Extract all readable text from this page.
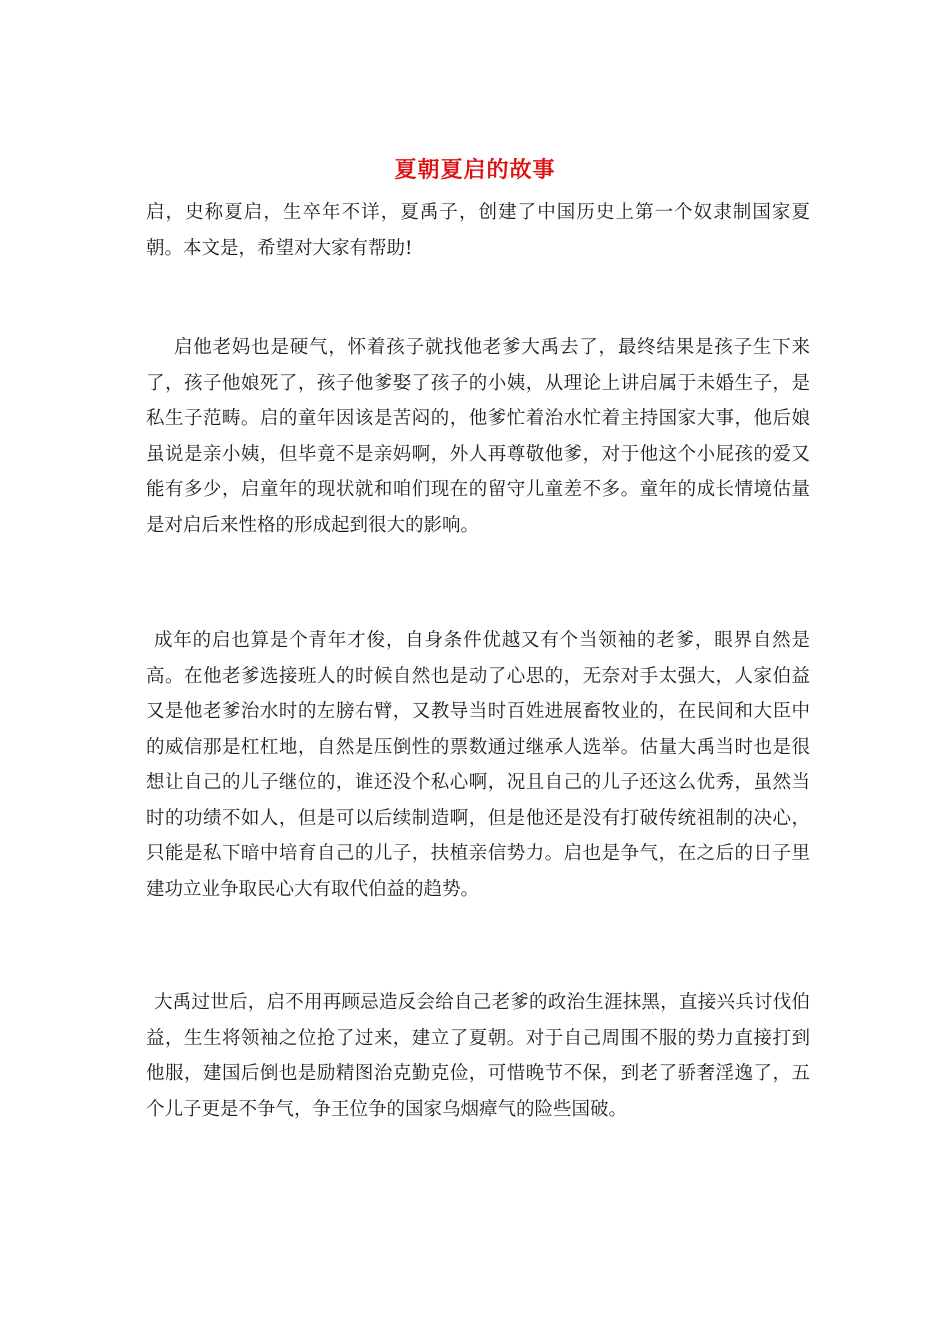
夏朝夏启的故事

启，史称夏启，生卒年不详，夏禹子，创建了中国历史上第一个奴隶制国家夏朝。本文是，希望对大家有帮助!

启他老妈也是硬气，怀着孩子就找他老爹大禹去了，最终结果是孩子生下来了，孩子他娘死了，孩子他爹娶了孩子的小姨，从理论上讲启属于未婚生子，是私生子范畴。启的童年因该是苦闷的，他爹忙着治水忙着主持国家大事，他后娘虽说是亲小姨，但毕竟不是亲妈啊，外人再尊敬他爹，对于他这个小屁孩的爱又能有多少，启童年的现状就和咱们现在的留守儿童差不多。童年的成长情境估量是对启后来性格的形成起到很大的影响。

成年的启也算是个青年才俊，自身条件优越又有个当领袖的老爹，眼界自然是高。在他老爹选接班人的时候自然也是动了心思的，无奈对手太强大，人家伯益又是他老爹治水时的左膀右臂，又教导当时百姓进展畜牧业的，在民间和大臣中的威信那是杠杠地，自然是压倒性的票数通过继承人选举。估量大禹当时也是很想让自己的儿子继位的，谁还没个私心啊，况且自己的儿子还这么优秀，虽然当时的功绩不如人，但是可以后续制造啊，但是他还是没有打破传统祖制的决心，只能是私下暗中培育自己的儿子，扶植亲信势力。启也是争气，在之后的日子里建功立业争取民心大有取代伯益的趋势。

大禹过世后，启不用再顾忌造反会给自己老爹的政治生涯抹黑，直接兴兵讨伐伯益，生生将领袖之位抢了过来，建立了夏朝。对于自己周围不服的势力直接打到他服，建国后倒也是励精图治克勤克俭，可惜晚节不保，到老了骄奢淫逸了，五个儿子更是不争气，争王位争的国家乌烟瘴气的险些国破。
